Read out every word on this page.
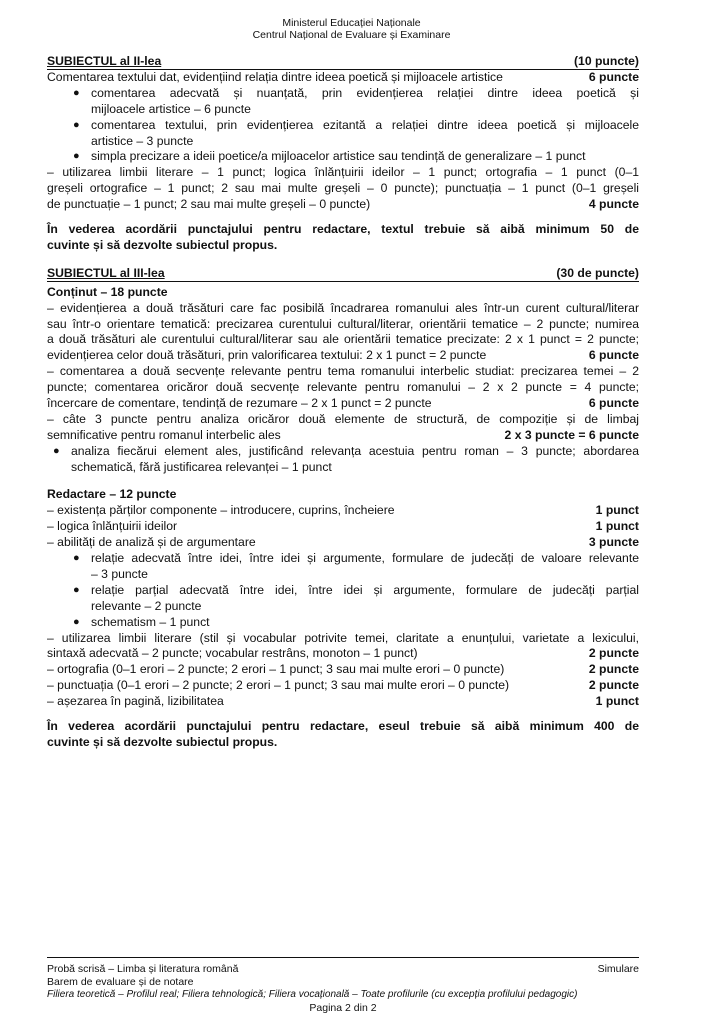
Ministerul Educației Naționale
Centrul Național de Evaluare și Examinare
SUBIECTUL al II-lea	(10 puncte)
Comentarea textului dat, evidențiind relația dintre ideea poetică și mijloacele artistice	6 puncte
● comentarea adecvată și nuanțată, prin evidențierea relației dintre ideea poetică și
mijloacele artistice – 6 puncte
● comentarea textului, prin evidențierea ezitantă a relației dintre ideea poetică și mijloacele
artistice – 3 puncte
● simpla precizare a ideii poetice/a mijloacelor artistice sau tendință de generalizare – 1 punct
– utilizarea limbii literare – 1 punct; logica înlănțuirii ideilor – 1 punct; ortografia – 1 punct (0–1
greșeli ortografice – 1 punct; 2 sau mai multe greșeli – 0 puncte); punctuația – 1 punct (0–1 greșeli
de punctuație – 1 punct; 2 sau mai multe greșeli – 0 puncte)	4 puncte
În vederea acordării punctajului pentru redactare, textul trebuie să aibă minimum 50 de
cuvinte și să dezvolte subiectul propus.
SUBIECTUL al III-lea	(30 de puncte)
Conținut – 18 puncte
– evidențierea a două trăsături care fac posibilă încadrarea romanului ales într-un curent cultural/literar
sau într-o orientare tematică: precizarea curentului cultural/literar, orientării tematice – 2 puncte; numirea
a două trăsături ale curentului cultural/literar sau ale orientării tematice precizate: 2 x 1 punct = 2 puncte;
evidențierea celor două trăsături, prin valorificarea textului: 2 x 1 punct = 2 puncte	6 puncte
– comentarea a două secvențe relevante pentru tema romanului interbelic studiat: precizarea temei – 2
puncte; comentarea oricăror două secvențe relevante pentru romanului – 2 x 2 puncte = 4 puncte;
încercare de comentare, tendință de rezumare – 2 x 1 punct = 2 puncte	6 puncte
– câte 3 puncte pentru analiza oricăror două elemente de structură, de compoziție și de limbaj
semnificative pentru romanul interbelic ales	2 x 3 puncte = 6 puncte
● analiza fiecărui element ales, justificând relevanța acestuia pentru roman – 3 puncte; abordarea
schematică, fără justificarea relevanței – 1 punct
Redactare – 12 puncte
– existența părților componente – introducere, cuprins, încheiere	1 punct
– logica înlănțuirii ideilor	1 punct
– abilități de analiză și de argumentare	3 puncte
● relație adecvată între idei, între idei și argumente, formulare de judecăți de valoare relevante
– 3 puncte
● relație parțial adecvată între idei, între idei și argumente, formulare de judecăți parțial
relevante – 2 puncte
● schematism – 1 punct
– utilizarea limbii literare (stil și vocabular potrivite temei, claritate a enunțului, varietate a lexicului,
sintaxă adecvată – 2 puncte; vocabular restrâns, monoton – 1 punct)	2 puncte
– ortografia (0–1 erori – 2 puncte; 2 erori – 1 punct; 3 sau mai multe erori – 0 puncte)	2 puncte
– punctuația (0–1 erori – 2 puncte; 2 erori – 1 punct; 3 sau mai multe erori – 0 puncte)	2 puncte
– așezarea în pagină, lizibilitatea	1 punct
În vederea acordării punctajului pentru redactare, eseul trebuie să aibă minimum 400 de
cuvinte și să dezvolte subiectul propus.
Probă scrisă – Limba și literatura română	Simulare
Barem de evaluare și de notare
Filiera teoretică – Profilul real; Filiera tehnologică; Filiera vocațională – Toate profilurile (cu excepția profilului pedagogic)
Pagina 2 din 2
